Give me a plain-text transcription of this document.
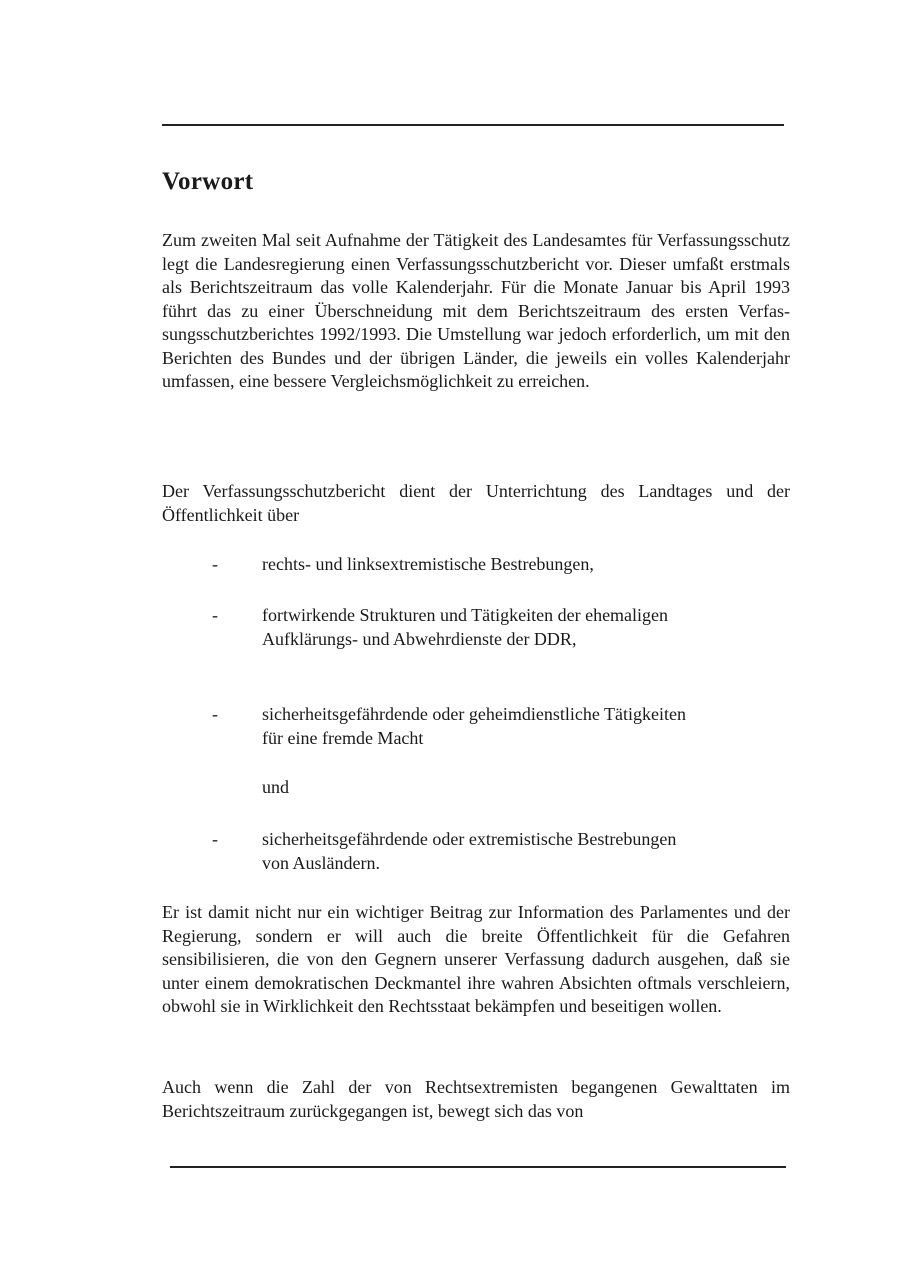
Vorwort

Zum zweiten Mal seit Aufnahme der Tätigkeit des Landesamtes für Verfassungsschutz legt die Landesregierung einen Verfassungsschutzbericht vor. Dieser umfaßt erstmals als Berichtszeitraum das volle Kalenderjahr. Für die Monate Januar bis April 1993 führt das zu einer Überschneidung mit dem Berichtszeitraum des ersten Verfassungsschutzberichtes 1992/1993. Die Umstellung war jedoch erforderlich, um mit den Berichten des Bundes und der übrigen Länder, die jeweils ein volles Kalenderjahr umfassen, eine bessere Vergleichsmöglichkeit zu erreichen.

Der Verfassungsschutzbericht dient der Unterrichtung des Landtages und der Öffentlichkeit über

-	rechts- und linksextremistische Bestrebungen,
-	fortwirkende Strukturen und Tätigkeiten der ehemaligen Aufklärungs- und Abwehrdienste der DDR,
-	sicherheitsgefährdende oder geheimdienstliche Tätigkeiten für eine fremde Macht
-	sicherheitsgefährdende oder extremistische Bestrebungen von Ausländern.
und

Er ist damit nicht nur ein wichtiger Beitrag zur Information des Parlamentes und der Regierung, sondern er will auch die breite Öffentlichkeit für die Gefahren sensibilisieren, die von den Gegnern unserer Verfassung dadurch ausgehen, daß sie unter einem demokratischen Deckmantel ihre wahren Absichten oftmals verschleiern, obwohl sie in Wirklichkeit den Rechtsstaat bekämpfen und beseitigen wollen.

Auch wenn die Zahl der von Rechtsextremisten begangenen Gewalttaten im Berichtszeitraum zurückgegangen ist, bewegt sich das von
